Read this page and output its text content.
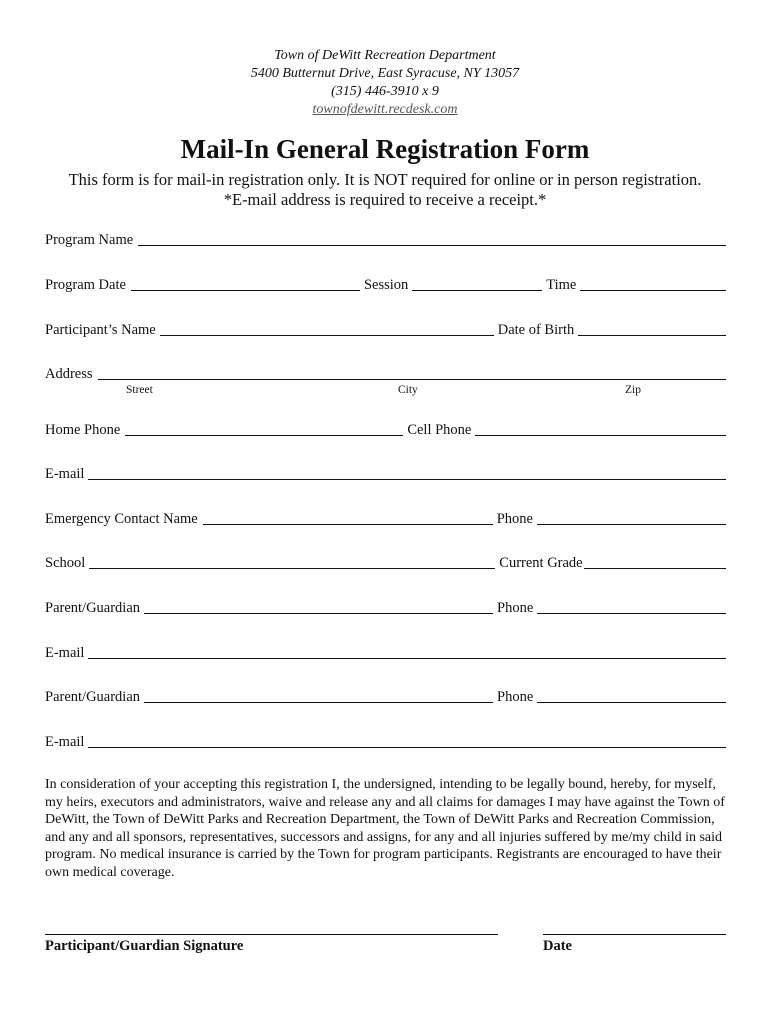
Town of DeWitt Recreation Department
5400 Butternut Drive, East Syracuse, NY 13057
(315) 446-3910 x 9
townofdewitt.recdesk.com
Mail-In General Registration Form
This form is for mail-in registration only. It is NOT required for online or in person registration.
*E-mail address is required to receive a receipt.*
Program Name
Program Date	Session	Time
Participant’s Name	Date of Birth
Address
Street	City	Zip
Home Phone	Cell Phone
E-mail
Emergency Contact Name	Phone
School	Current Grade
Parent/Guardian	Phone
E-mail
Parent/Guardian	Phone
E-mail
In consideration of your accepting this registration I, the undersigned, intending to be legally bound, hereby, for myself, my heirs, executors and administrators, waive and release any and all claims for damages I may have against the Town of DeWitt, the Town of DeWitt Parks and Recreation Department, the Town of DeWitt Parks and Recreation Commission, and any and all sponsors, representatives, successors and assigns, for any and all injuries suffered by me/my child in said program. No medical insurance is carried by the Town for program participants. Registrants are encouraged to have their own medical coverage.
Participant/Guardian Signature	Date
